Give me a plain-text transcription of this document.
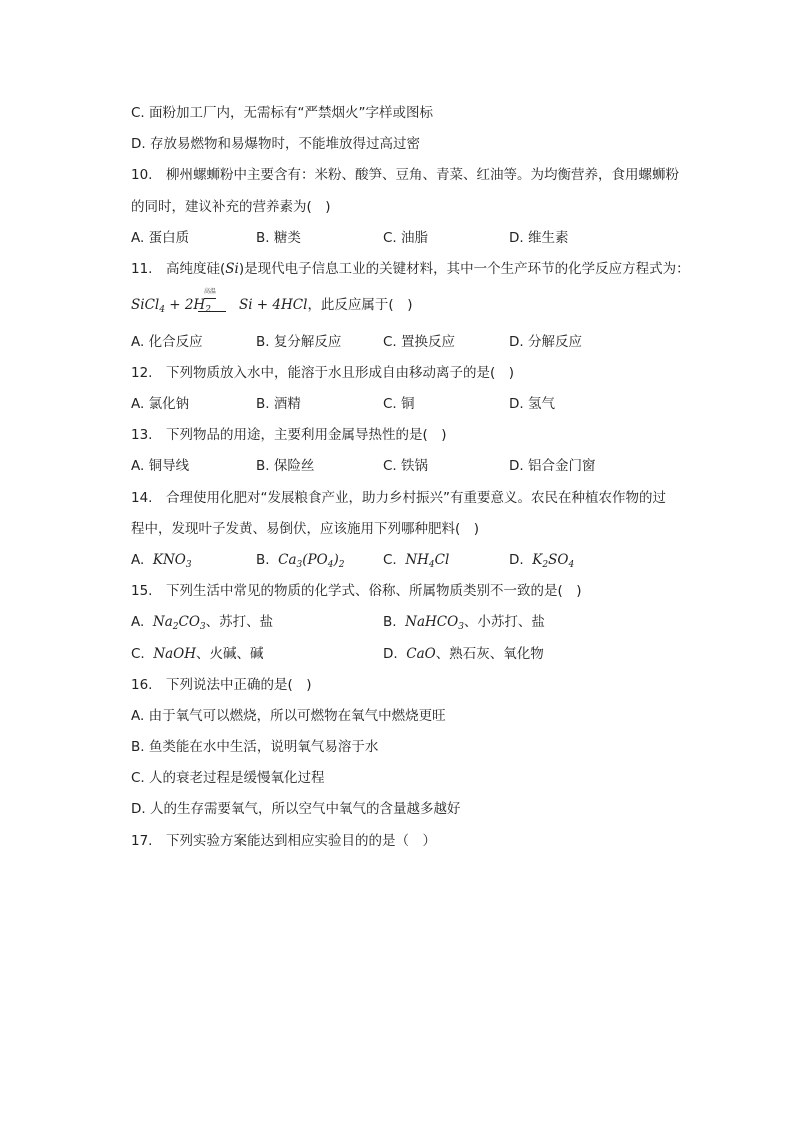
C. 面粉加工厂内，无需标有“严禁烟火”字样或图标
D. 存放易燃物和易爆物时，不能堆放得过高过密
10.　柳州螺蛳粉中主要含有：米粉、酸笋、豆角、青菜、红油等。为均衡营养，食用螺蛳粉
的同时，建议补充的营养素为(　)
A. 蛋白质	B. 糖类	C. 油脂	D. 维生素
11.　高纯度硅(Si)是现代电子信息工业的关键材料，其中一个生产环节的化学反应方程式为：
高温
SiCl$_4$ + $2H_2$ Si + 4HCl，此反应属于(　)
A. 化合反应	B. 复分解反应	C. 置换反应	D. 分解反应
12.　下列物质放入水中，能溶于水且形成自由移动离子的是(　)
A. 氯化钠	B. 酒精	C. 铜	D. 氢气
13.　下列物品的用途，主要利用金属导热性的是(　)
A. 铜导线	B. 保险丝	C. 铁锅	D. 铝合金门窗
14.　合理使用化肥对“发展粮食产业，助力乡村振兴”有重要意义。农民在种植农作物的过
程中，发现叶子发黄、易倒伏，应该施用下列哪种肥料(　)
A. $KNO_3$	B. $Ca_3(PO_4)_2$	C. $NH_4Cl$	D. $K_2SO_4$
15.　下列生活中常见的物质的化学式、俗称、所属物质类别不一致的是(　)
A. $Na_2CO_3$、苏打、盐	B. NaHCO$_3$、小苏打、盐
C. NaOH、火碱、碱	D. CaO、熟石灰、氧化物
16.　下列说法中正确的是(　)
A. 由于氧气可以燃烧，所以可燃物在氧气中燃烧更旺
B. 鱼类能在水中生活，说明氧气易溶于水
C. 人的衰老过程是缓慢氧化过程
D. 人的生存需要氧气，所以空气中氧气的含量越多越好
17.　下列实验方案能达到相应实验目的的是（　）
